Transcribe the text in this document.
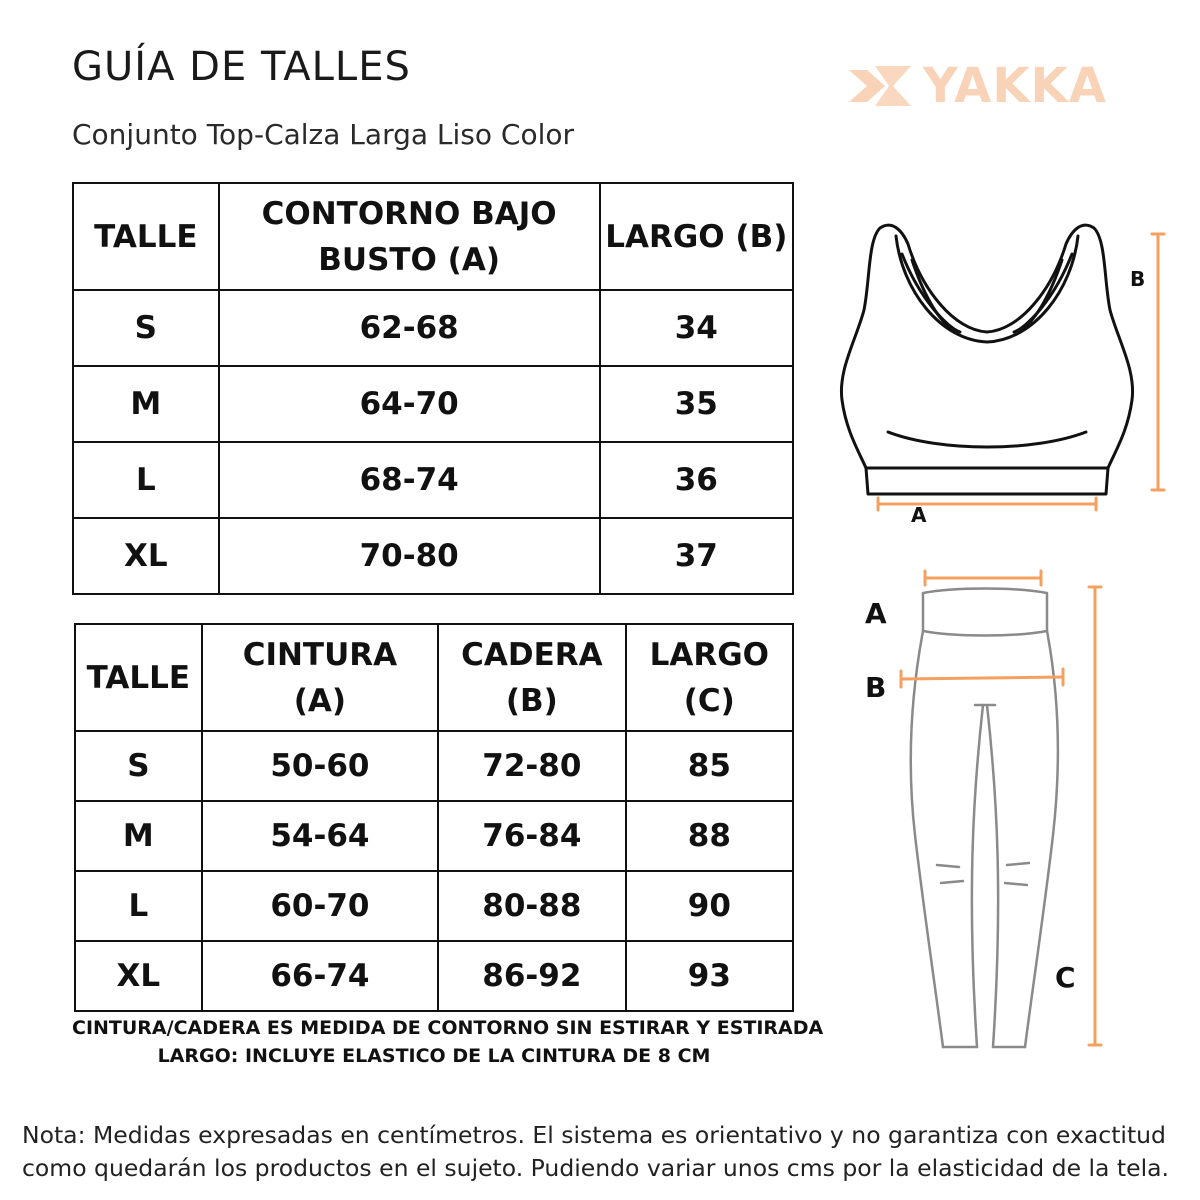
GUÍA DE TALLES
Conjunto Top-Calza Larga Liso Color
YAKKA
TALLE	CONTORNO BAJO BUSTO (A)	LARGO (B)
S	62-68	34
M	64-70	35
L	68-74	36
XL	70-80	37
TALLE	CINTURA (A)	CADERA (B)	LARGO (C)
S	50-60	72-80	85
M	54-64	76-84	88
L	60-70	80-88	90
XL	66-74	86-92	93
CINTURA/CADERA ES MEDIDA DE CONTORNO SIN ESTIRAR Y ESTIRADA
LARGO: INCLUYE ELASTICO DE LA CINTURA DE 8 CM

Nota: Medidas expresadas en centímetros. El sistema es orientativo y no garantiza con exactitud

como quedarán los productos en el sujeto. Pudiendo variar unos cms por la elasticidad de la tela.

B
A
A
B
C
